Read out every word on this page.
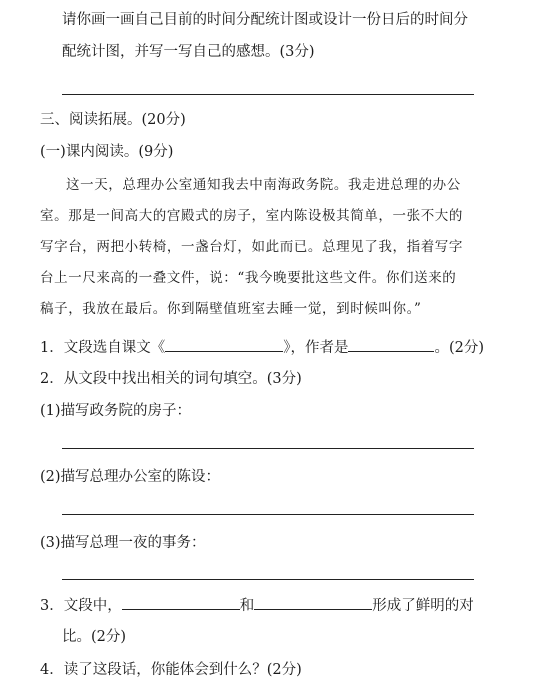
请你画一画自己目前的时间分配统计图或设计一份日后的时间分
配统计图，并写一写自己的感想。(3分)
三、阅读拓展。(20分)
(一)课内阅读。(9分)
这一天，总理办公室通知我去中南海政务院。我走进总理的办公
室。那是一间高大的宫殿式的房子，室内陈设极其简单，一张不大的
写字台，两把小转椅，一盏台灯，如此而已。总理见了我，指着写字
台上一尺来高的一叠文件，说：“我今晚要批这些文件。你们送来的
稿子，我放在最后。你到隔壁值班室去睡一觉，到时候叫你。”
1．文段选自课文《	》，作者是	。(2分)
2．从文段中找出相关的词句填空。(3分)
(1)描写政务院的房子：
(2)描写总理办公室的陈设：
(3)描写总理一夜的事务：
3．文段中，	和	形成了鲜明的对
比。(2分)
4．读了这段话，你能体会到什么？(2分)
